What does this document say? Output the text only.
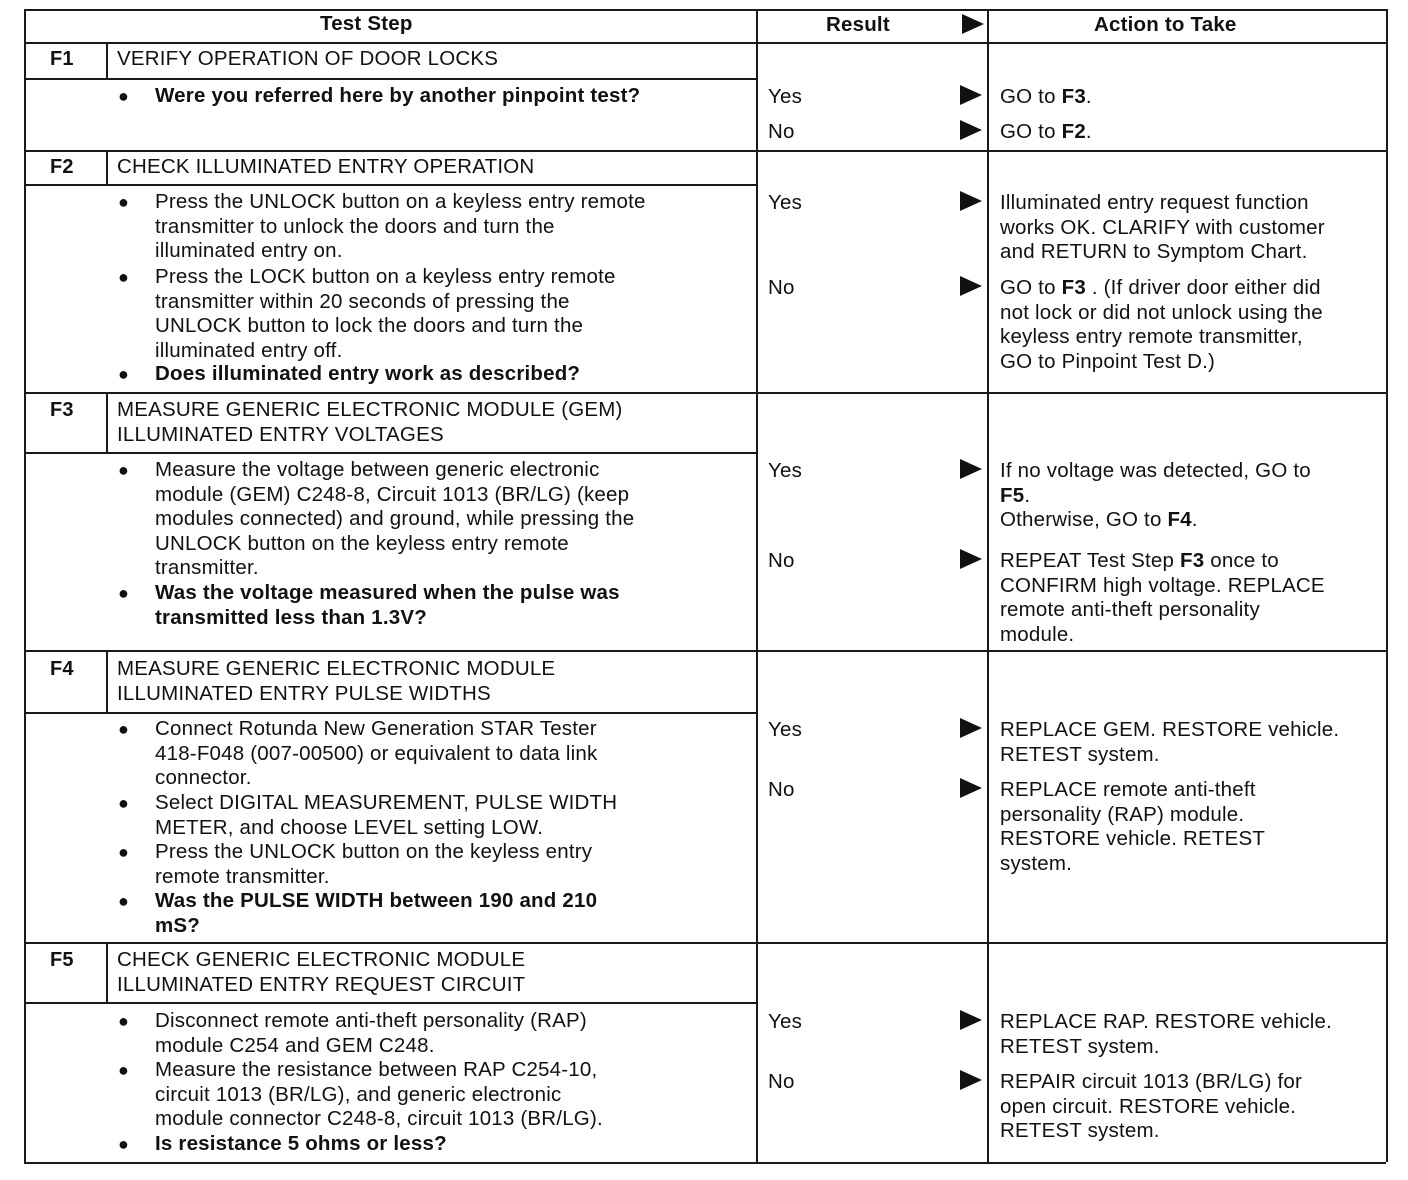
Test Step	Result	Action to Take
F1 VERIFY OPERATION OF DOOR LOCKS
● Were you referred here by another pinpoint test?	Yes	GO to F3.
No	GO to F2.
F2 CHECK ILLUMINATED ENTRY OPERATION
● Press the UNLOCK button on a keyless entry remote
transmitter to unlock the doors and turn the
illuminated entry on.
● Press the LOCK button on a keyless entry remote
transmitter within 20 seconds of pressing the
UNLOCK button to lock the doors and turn the
illuminated entry off.
● Does illuminated entry work as described?
Yes	Illuminated entry request function
works OK. CLARIFY with customer
and RETURN to Symptom Chart.
No	GO to F3 . (If driver door either did
not lock or did not unlock using the
keyless entry remote transmitter,
GO to Pinpoint Test D.)
F3 MEASURE GENERIC ELECTRONIC MODULE (GEM)
ILLUMINATED ENTRY VOLTAGES
● Measure the voltage between generic electronic
module (GEM) C248-8, Circuit 1013 (BR/LG) (keep
modules connected) and ground, while pressing the
UNLOCK button on the keyless entry remote
transmitter.
● Was the voltage measured when the pulse was
transmitted less than 1.3V?
Yes	If no voltage was detected, GO to
F5.
Otherwise, GO to F4.
No	REPEAT Test Step F3 once to
CONFIRM high voltage. REPLACE
remote anti-theft personality
module.
F4 MEASURE GENERIC ELECTRONIC MODULE
ILLUMINATED ENTRY PULSE WIDTHS
● Connect Rotunda New Generation STAR Tester
418-F048 (007-00500) or equivalent to data link
connector.
● Select DIGITAL MEASUREMENT, PULSE WIDTH
METER, and choose LEVEL setting LOW.
● Press the UNLOCK button on the keyless entry
remote transmitter.
● Was the PULSE WIDTH between 190 and 210
mS?
Yes	REPLACE GEM. RESTORE vehicle.
RETEST system.
No	REPLACE remote anti-theft
personality (RAP) module.
RESTORE vehicle. RETEST
system.
F5 CHECK GENERIC ELECTRONIC MODULE
ILLUMINATED ENTRY REQUEST CIRCUIT
● Disconnect remote anti-theft personality (RAP)
module C254 and GEM C248.
● Measure the resistance between RAP C254-10,
circuit 1013 (BR/LG), and generic electronic
module connector C248-8, circuit 1013 (BR/LG).
● Is resistance 5 ohms or less?
Yes	REPLACE RAP. RESTORE vehicle.
RETEST system.
No	REPAIR circuit 1013 (BR/LG) for
open circuit. RESTORE vehicle.
RETEST system.
